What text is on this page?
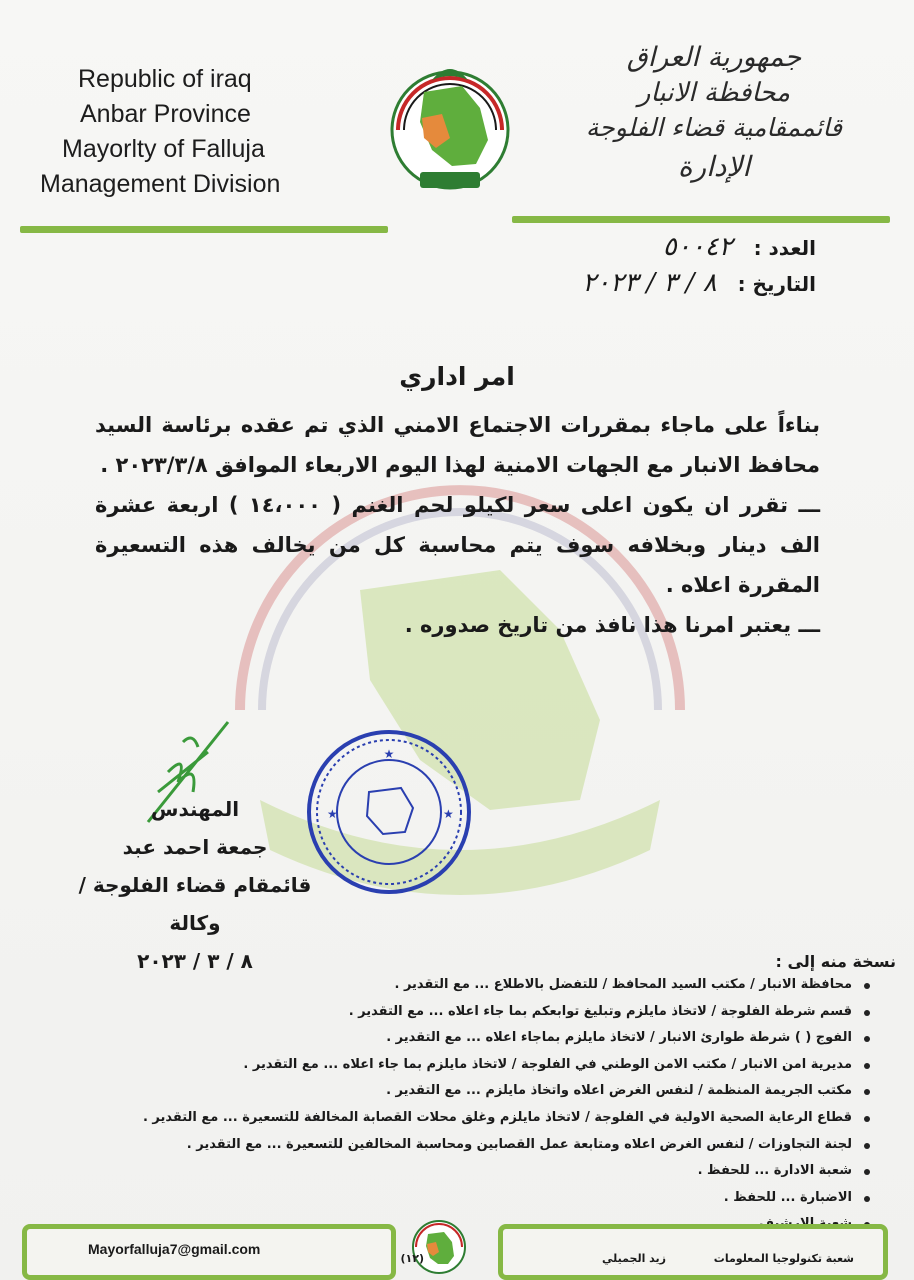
Republic of iraq
Anbar Province
Mayorlty of Falluja
Management Division
جمهورية العراق
محافظة الانبار
قائممقامية قضاء الفلوجة
الإدارة
العدد : ٥٠٠٤٢
التاريخ : ٨ / ٣ / ٢٠٢٣
امر اداري

بناءاً على ماجاء بمقررات الاجتماع الامني الذي تم عقده برئاسة السيد محافظ الانبار مع الجهات الامنية لهذا اليوم الاربعاء الموافق ٢٠٢٣/٣/٨ .

ـــ تقرر ان يكون اعلى سعر لكيلو لحم الغنم ( ١٤،٠٠٠ ) اربعة عشرة الف دينار وبخلافه سوف يتم محاسبة كل من يخالف هذه التسعيرة المقررة اعلاه .

ـــ يعتبر امرنا هذا نافذ من تاريخ صدوره .

المهندس
جمعة احمد عبد
قائمقام قضاء الفلوجة / وكالة
٨ / ٣ / ٢٠٢٣
★
★	★
نسخة منه إلى :
محافظة الانبار / مكتب السيد المحافظ / للتفضل بالاطلاع ... مع التقدير .
قسم شرطة الفلوجة / لاتخاذ مايلزم وتبليغ توابعكم بما جاء اعلاه ... مع التقدير .
الفوج ( ) شرطة طوارئ الانبار / لاتخاذ مايلزم بماجاء اعلاه ... مع التقدير .
مديرية امن الانبار / مكتب الامن الوطني في الفلوجة / لاتخاذ مايلزم بما جاء اعلاه ... مع التقدير .
مكتب الجريمة المنظمة / لنفس الغرض اعلاه واتخاذ مايلزم ... مع التقدير .
قطاع الرعاية الصحية الاولية في الفلوجة / لاتخاذ مايلزم وغلق محلات القصابة المخالفة للتسعيرة ... مع التقدير .
لجنة التجاوزات / لنفس الغرض اعلاه ومتابعة عمل القصابين ومحاسبة المخالفين للتسعيرة ... مع التقدير .
شعبة الادارة ... للحفظ .
الاضبارة ... للحفظ .
Mayorfalluja7@gmail.com
(١٢)	زيد الجميلي	شعبة تكنولوجيا المعلومات
